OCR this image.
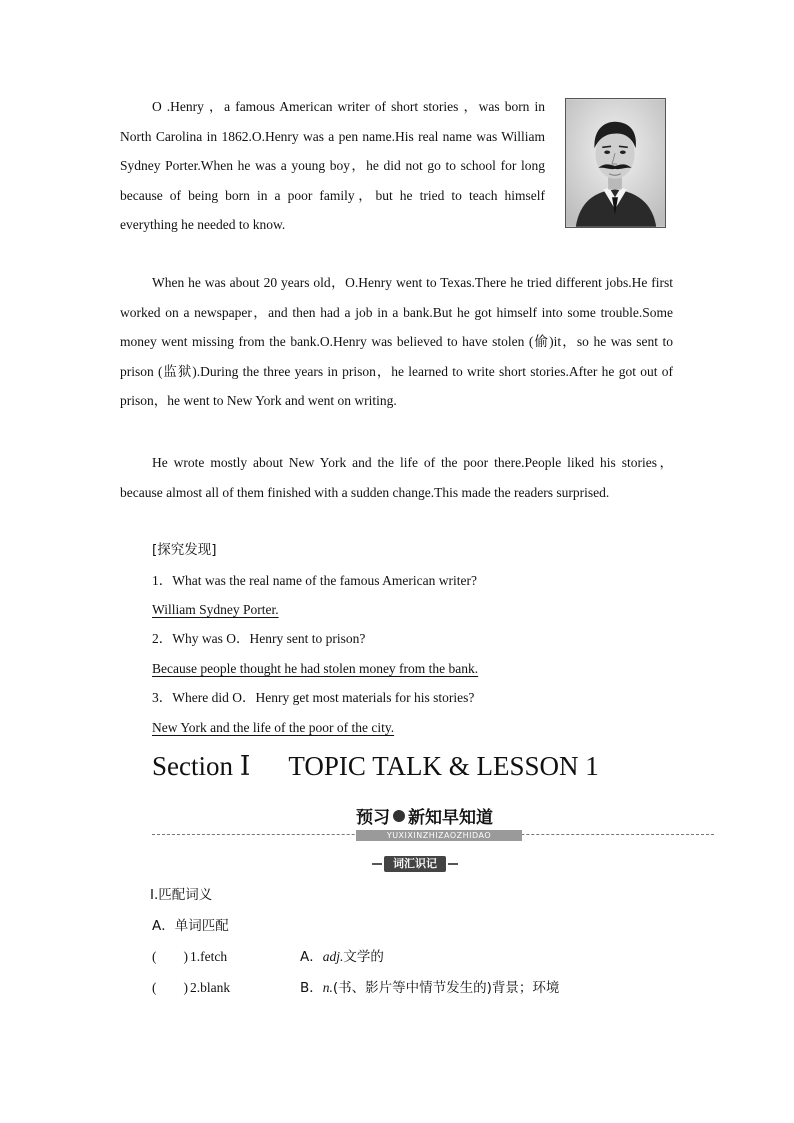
O .Henry ，a famous American writer of short stories ，was born in North Carolina in 1862.O.Henry was a pen name.His real name was William Sydney Porter.When he was a young boy，he did not go to school for long because of being born in a poor family，but he tried to teach himself everything he needed to know.

When he was about 20 years old，O.Henry went to Texas.There he tried different jobs.He first worked on a newspaper，and then had a job in a bank.But he got himself into some trouble.Some money went missing from the bank.O.Henry was believed to have stolen (偷)it，so he was sent to prison (监狱).During the three years in prison，he learned to write short stories.After he got out of prison，he went to New York and went on writing.

He wrote mostly about New York and the life of the poor there.People liked his stories，because almost all of them finished with a sudden change.This made the readers surprised.

[探究发现]
1．What was the real name of the famous American writer?
William Sydney Porter.
2．Why was O．Henry sent to prison?
Because people thought he had stolen money from the bank.
3．Where did O．Henry get most materials for his stories?
New York and the life of the poor of the city.
Section Ⅰ TOPIC TALK & LESSON 1
预习 新知早知道
YUXIXINZHIZAOZHIDAO
词汇识记
Ⅰ.匹配词义
A．单词匹配
(　　) 1.fetch	A．adj.文学的
(　　) 2.blank	B．n.(书、影片等中情节发生的)背景；环境
